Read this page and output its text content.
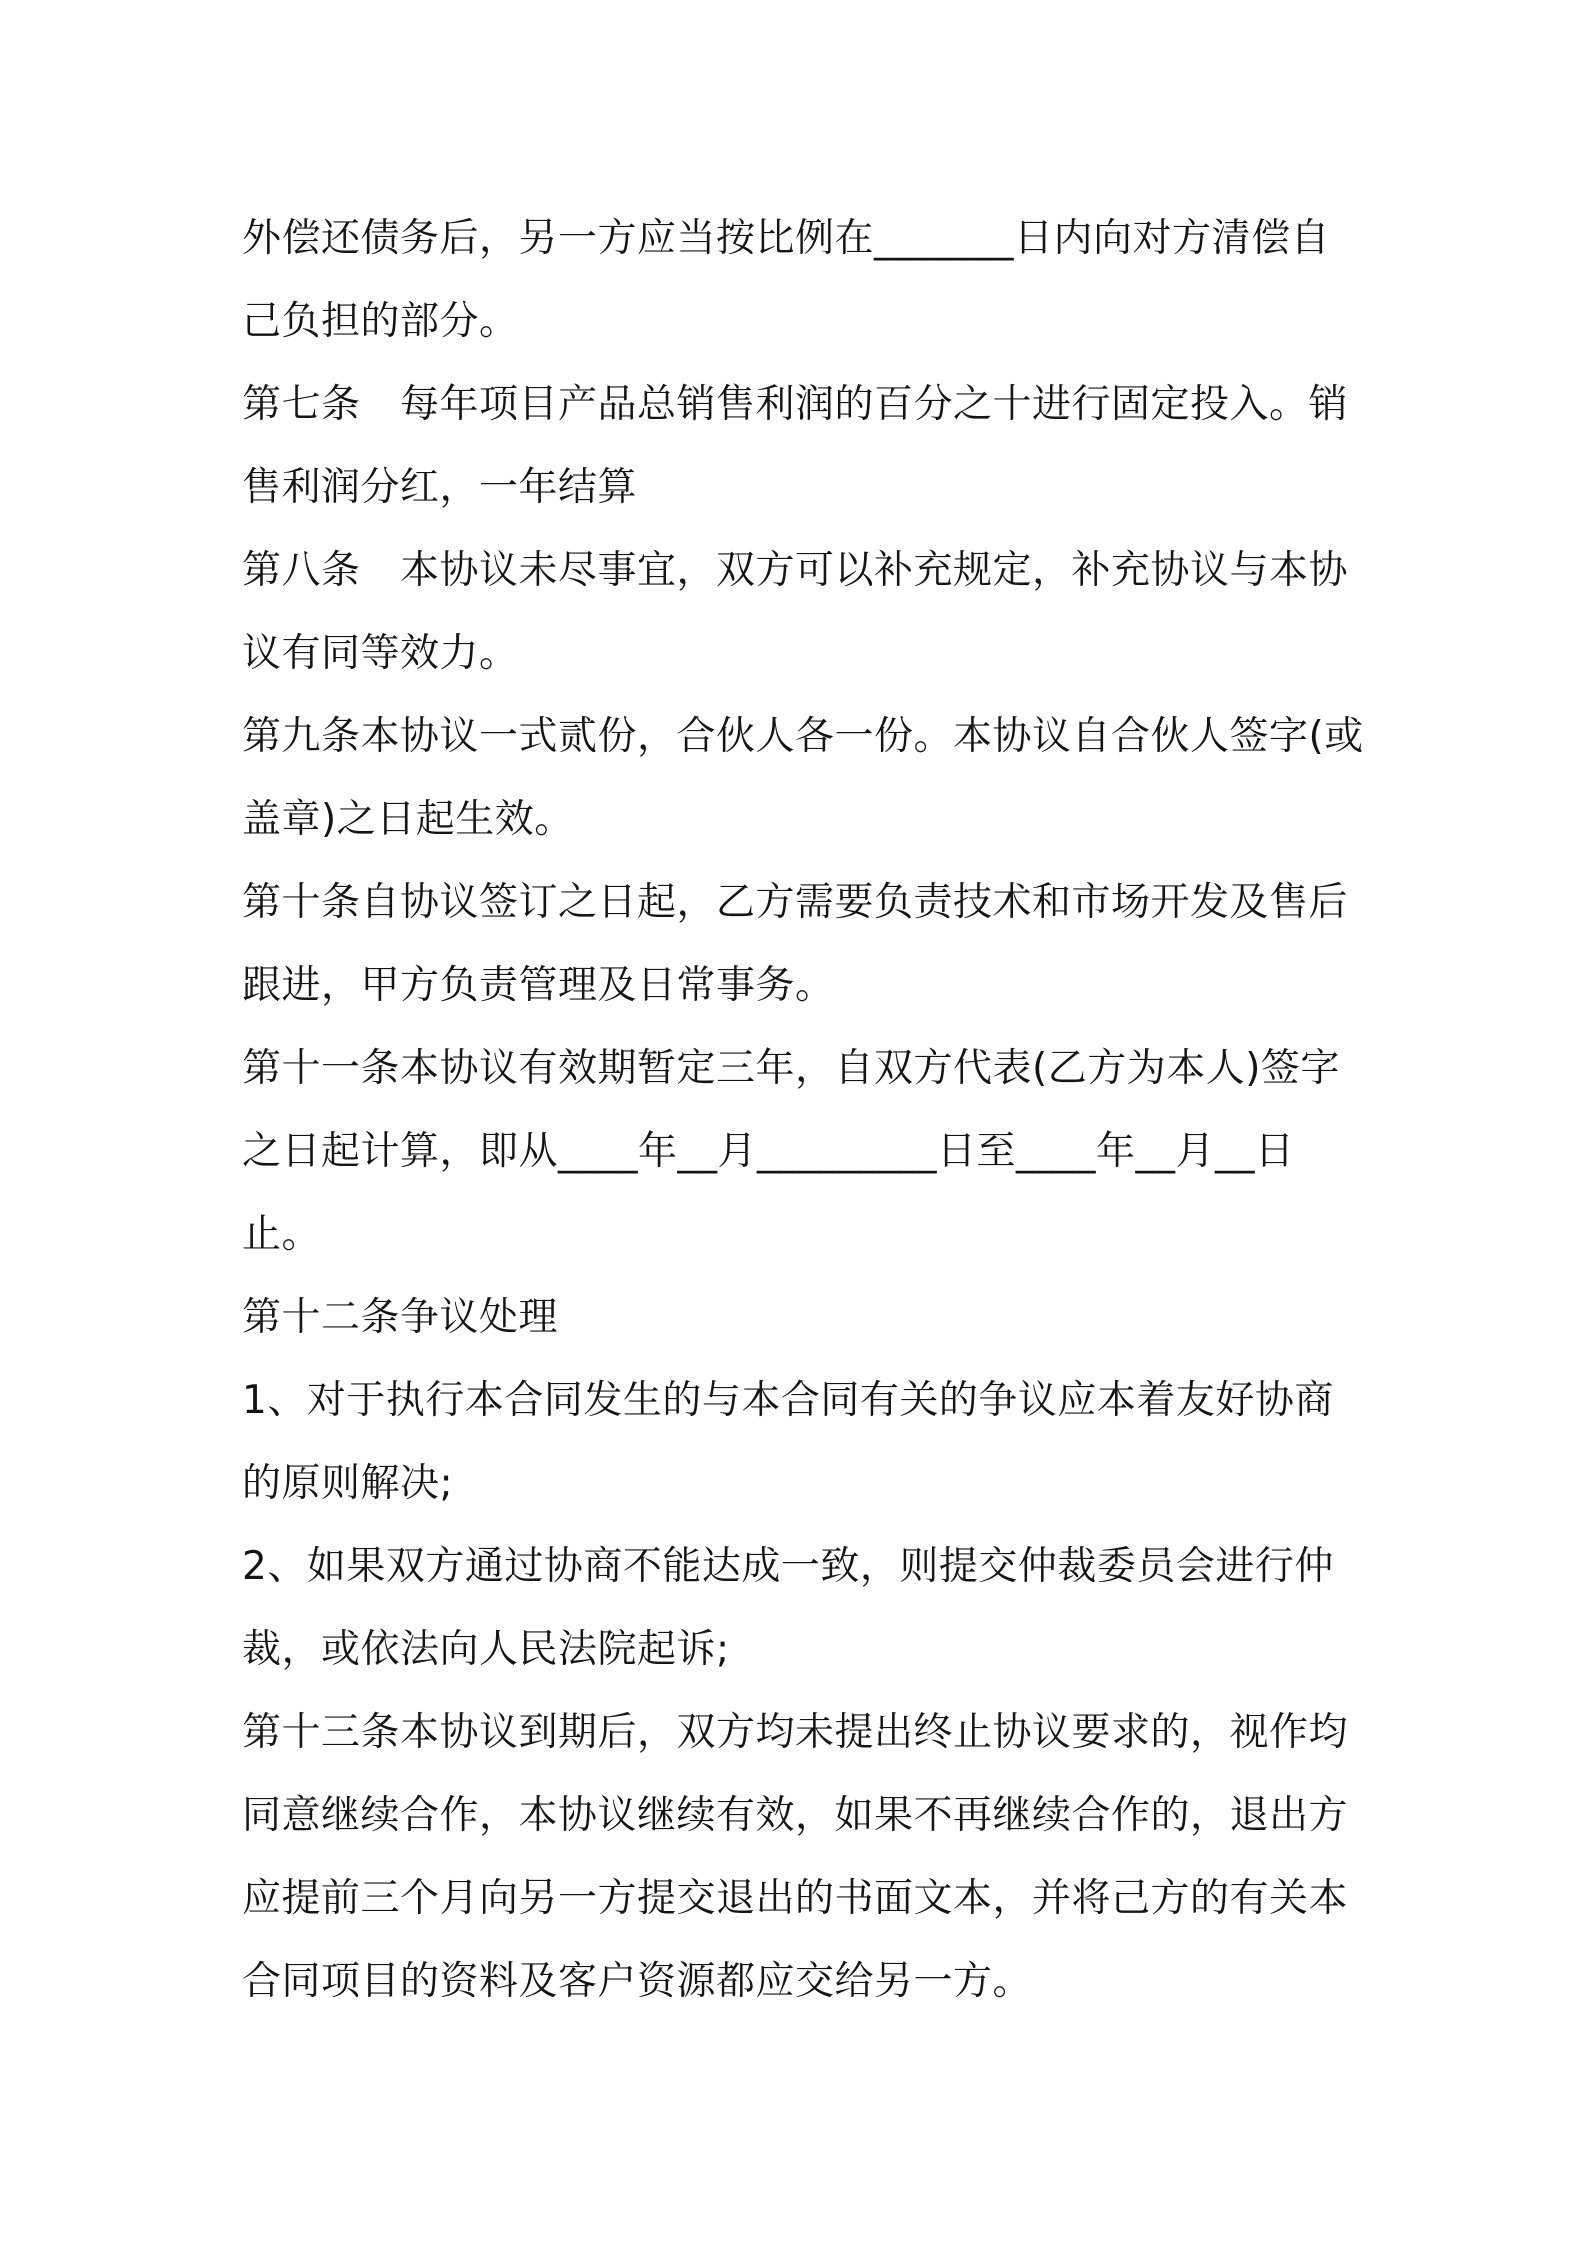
外偿还债务后，另一方应当按比例在_______日内向对方清偿自
己负担的部分。
第七条　每年项目产品总销售利润的百分之十进行固定投入。销
售利润分红，一年结算
第八条　本协议未尽事宜，双方可以补充规定，补充协议与本协
议有同等效力。
第九条本协议一式贰份，合伙人各一份。本协议自合伙人签字(或
盖章)之日起生效。
第十条自协议签订之日起，乙方需要负责技术和市场开发及售后
跟进，甲方负责管理及日常事务。
第十一条本协议有效期暂定三年，自双方代表(乙方为本人)签字
之日起计算，即从____年__月_________日至____年__月__日
止。
第十二条争议处理
1、对于执行本合同发生的与本合同有关的争议应本着友好协商
的原则解决;
2、如果双方通过协商不能达成一致，则提交仲裁委员会进行仲
裁，或依法向人民法院起诉;
第十三条本协议到期后，双方均未提出终止协议要求的，视作均
同意继续合作，本协议继续有效，如果不再继续合作的，退出方
应提前三个月向另一方提交退出的书面文本，并将己方的有关本
合同项目的资料及客户资源都应交给另一方。
